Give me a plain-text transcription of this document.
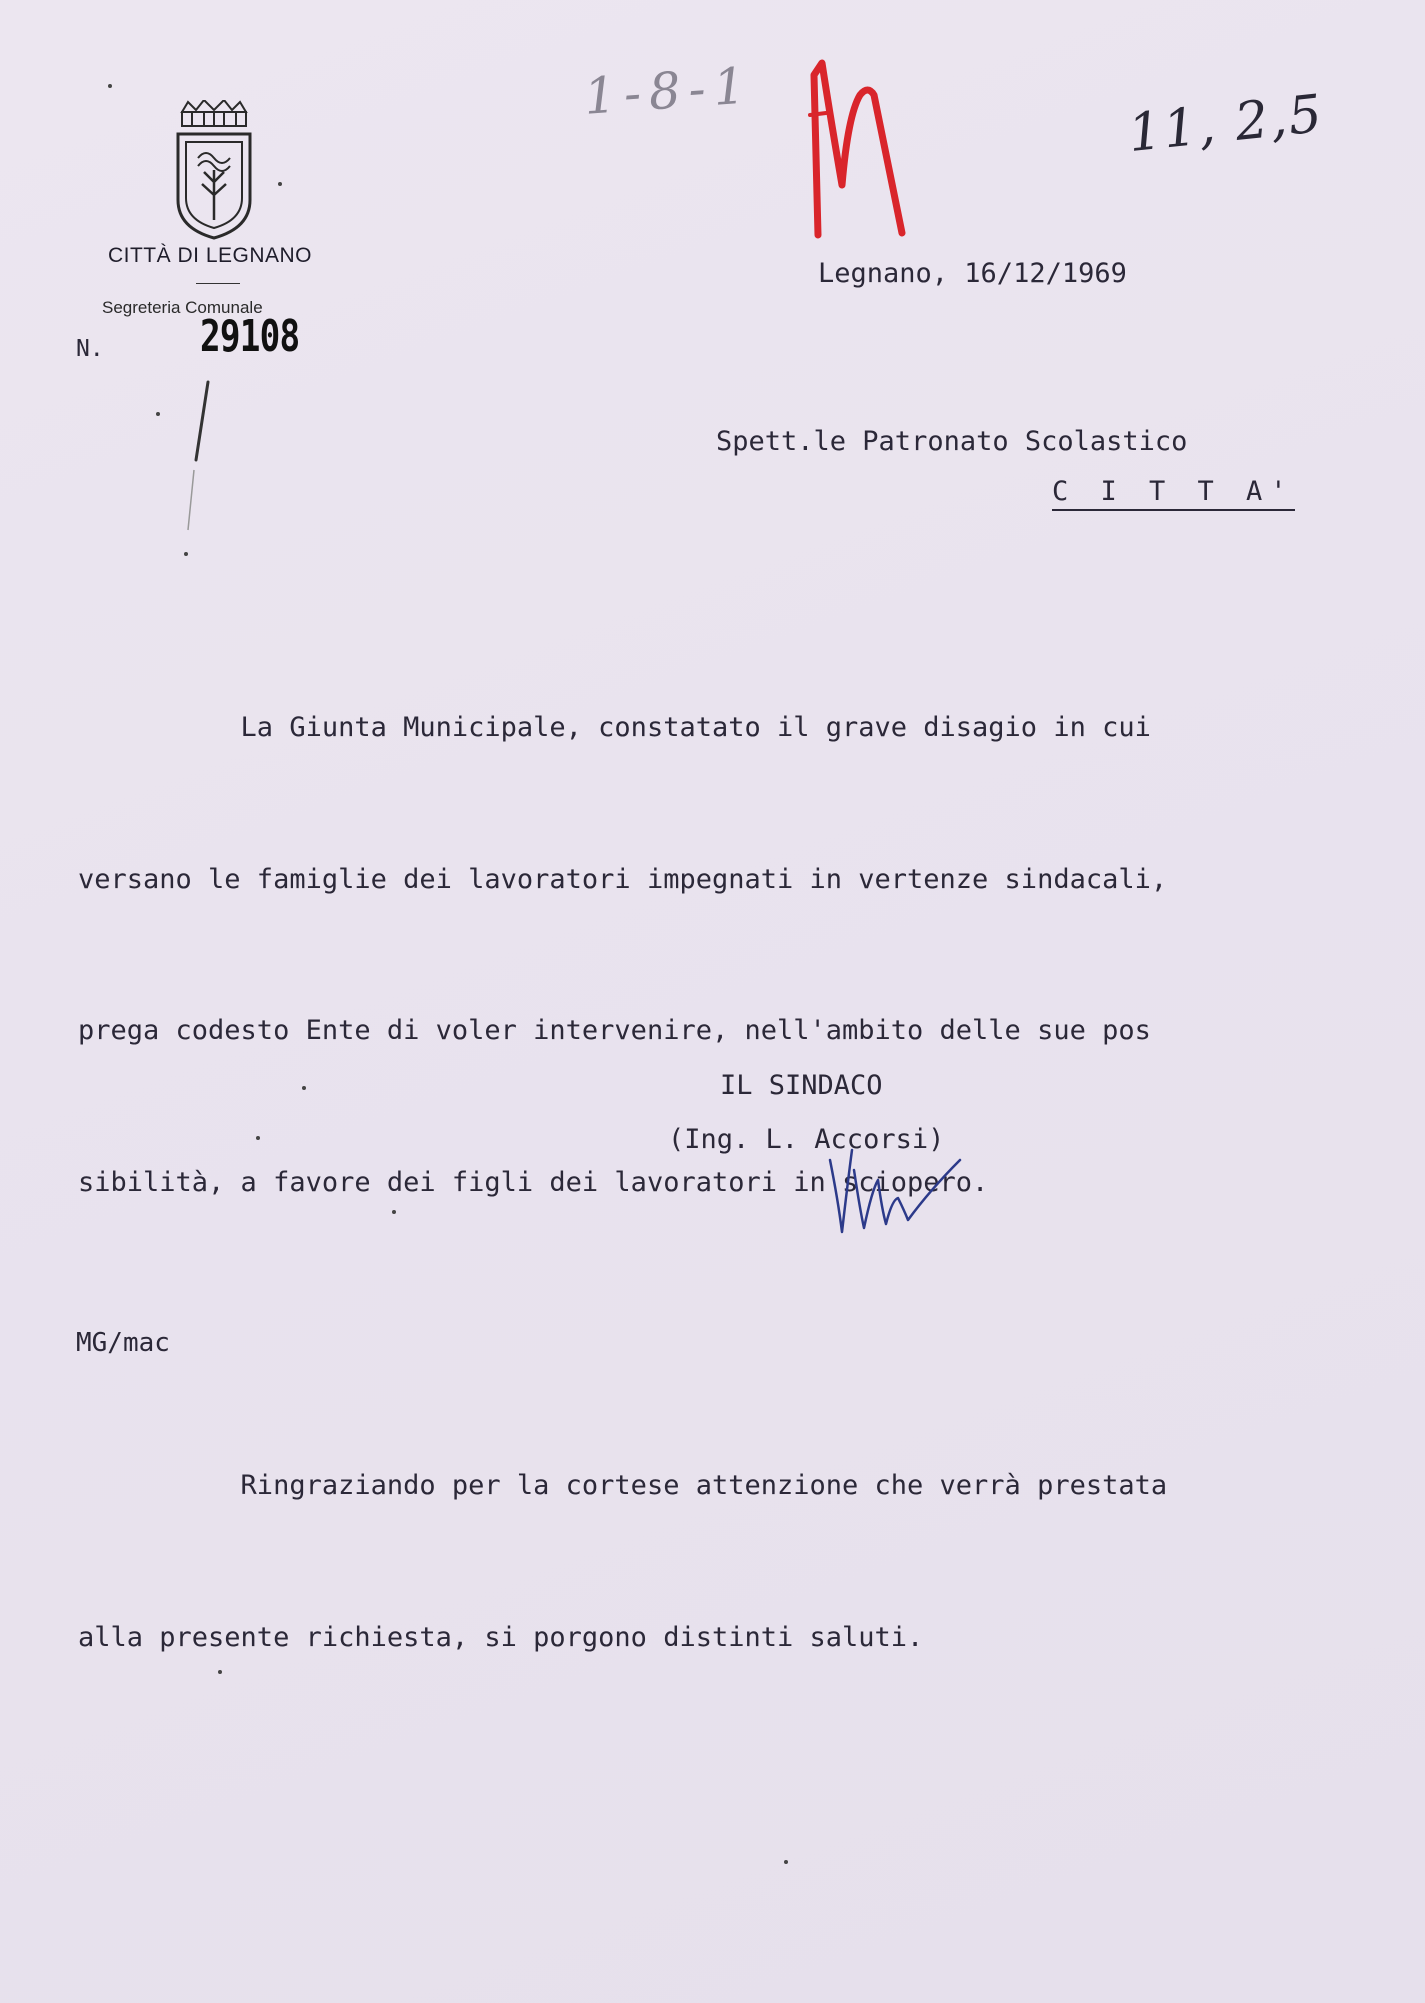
CITTÀ DI LEGNANO
Segreteria Comunale
N. 29108
1-8-1	11, 2,5
Legnano, 16/12/1969
Spett.le Patronato Scolastico
C I T T A'

La Giunta Municipale, constatato il grave disagio in cui

versano le famiglie dei lavoratori impegnati in vertenze sindacali,

prega codesto Ente di voler intervenire, nell'ambito delle sue pos

sibilità, a favore dei figli dei lavoratori in sciopero.

Ringraziando per la cortese attenzione che verrà prestata

alla presente richiesta, si porgono distinti saluti.

IL SINDACO
(Ing. L. Accorsi)
MG/mac
